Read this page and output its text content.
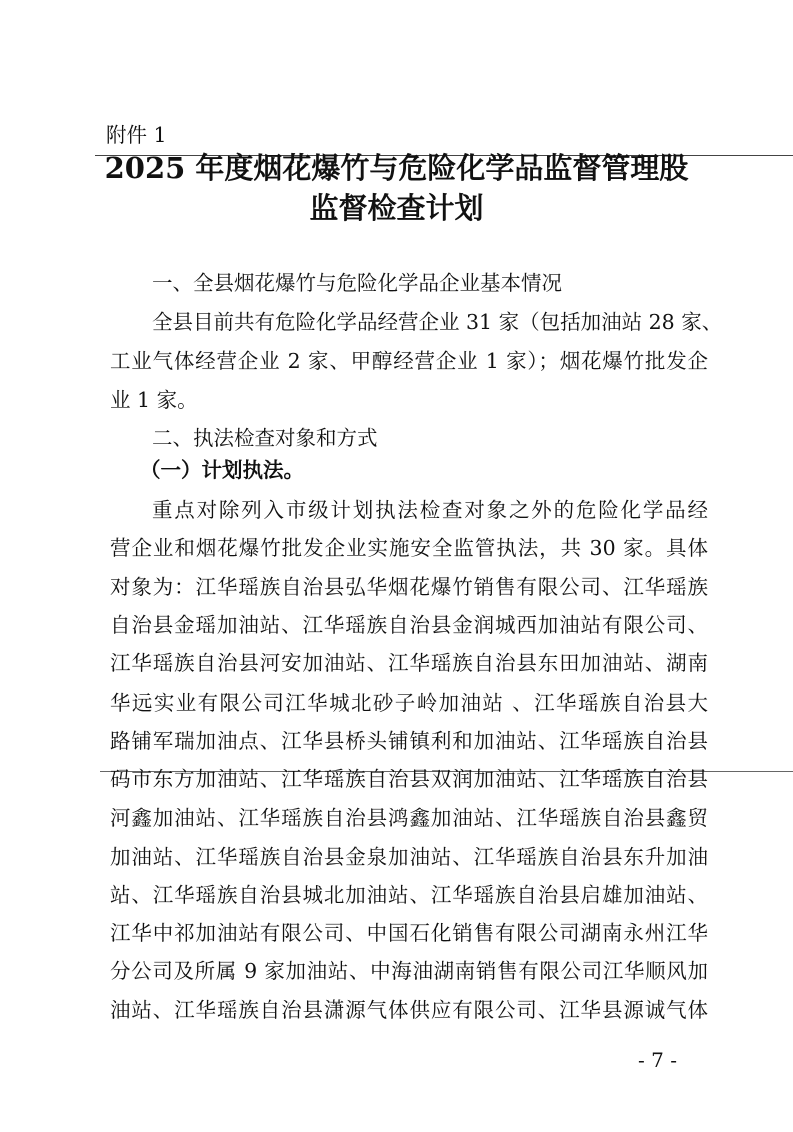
附件 1
2025 年度烟花爆竹与危险化学品监督管理股
监督检查计划
一、全县烟花爆竹与危险化学品企业基本情况
全县目前共有危险化学品经营企业 31 家（包括加油站 28 家、
工业气体经营企业 2 家、甲醇经营企业 1 家）；烟花爆竹批发企
业 1 家。
二、执法检查对象和方式
（一）计划执法。
重点对除列入市级计划执法检查对象之外的危险化学品经
营企业和烟花爆竹批发企业实施安全监管执法，共 30 家。具体
对象为：江华瑶族自治县弘华烟花爆竹销售有限公司、江华瑶族
自治县金瑶加油站、江华瑶族自治县金润城西加油站有限公司、
江华瑶族自治县河安加油站、江华瑶族自治县东田加油站、湖南
华远实业有限公司江华城北砂子岭加油站 、江华瑶族自治县大
路铺军瑞加油点、江华县桥头铺镇利和加油站、江华瑶族自治县
码市东方加油站、江华瑶族自治县双润加油站、江华瑶族自治县
河鑫加油站、江华瑶族自治县鸿鑫加油站、江华瑶族自治县鑫贸
加油站、江华瑶族自治县金泉加油站、江华瑶族自治县东升加油
站、江华瑶族自治县城北加油站、江华瑶族自治县启雄加油站、
江华中祁加油站有限公司、中国石化销售有限公司湖南永州江华
分公司及所属 9 家加油站、中海油湖南销售有限公司江华顺风加
油站、江华瑶族自治县潇源气体供应有限公司、江华县源诚气体
- 7 -
